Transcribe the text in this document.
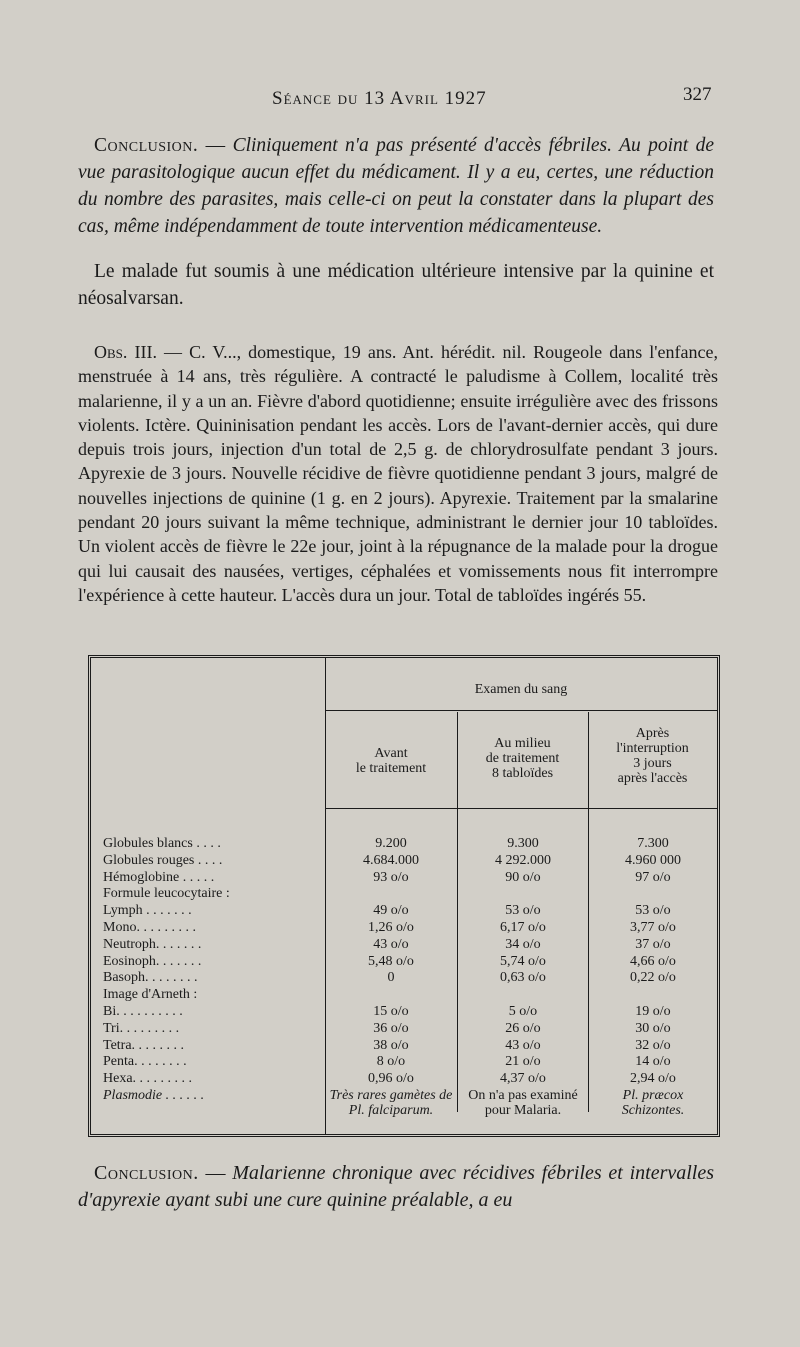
Séance du 13 Avril 1927	327

Conclusion. — Cliniquement n'a pas présenté d'accès fébriles. Au point de vue parasitologique aucun effet du médicament. Il y a eu, certes, une réduction du nombre des parasites, mais celle-ci on peut la constater dans la plupart des cas, même indépendamment de toute intervention médicamenteuse.

Le malade fut soumis à une médication ultérieure intensive par la quinine et néosalvarsan.

Obs. III. — C. V..., domestique, 19 ans. Ant. hérédit. nil. Rougeole dans l'enfance, menstruée à 14 ans, très régulière. A contracté le paludisme à Collem, localité très malarienne, il y a un an. Fièvre d'abord quotidienne; ensuite irrégulière avec des frissons violents. Ictère. Quininisation pendant les accès. Lors de l'avant-dernier accès, qui dure depuis trois jours, injection d'un total de 2,5 g. de chlorydrosulfate pendant 3 jours. Apyrexie de 3 jours. Nouvelle récidive de fièvre quotidienne pendant 3 jours, malgré de nouvelles injections de quinine (1 g. en 2 jours). Apyrexie. Traitement par la smalarine pendant 20 jours suivant la même technique, administrant le dernier jour 10 tabloïdes. Un violent accès de fièvre le 22e jour, joint à la répugnance de la malade pour la drogue qui lui causait des nausées, vertiges, céphalées et vomissements nous fit interrompre l'expérience à cette hauteur. L'accès dura un jour. Total de tabloïdes ingérés 55.

Examen du sang
Avant
le traitement
Au milieu
de traitement
8 tabloïdes
Après
l'interruption
3 jours
après l'accès
Globules blancs . . . .
Globules rouges . . . .
Hémoglobine . . . . .
Formule leucocytaire :
Lymph . . . . . . .
Mono. . . . . . . . .
Neutroph. . . . . . .
Eosinoph. . . . . . .
Basoph. . . . . . . .
Image d'Arneth :
Bi. . . . . . . . . .
Tri. . . . . . . . .
Tetra. . . . . . . .
Penta. . . . . . . .
Hexa. . . . . . . . .
Plasmodie . . . . . .
9.200
4.684.000
93 o/o

49 o/o
1,26 o/o
43 o/o
5,48 o/o
0

15 o/o
36 o/o
38 o/o
8 o/o
0,96 o/o
Très rares gamètes de Pl. falciparum.
9.300
4 292.000
90 o/o

53 o/o
6,17 o/o
34 o/o
5,74 o/o
0,63 o/o

5 o/o
26 o/o
43 o/o
21 o/o
4,37 o/o
On n'a pas examiné pour Malaria.
7.300
4.960 000
97 o/o

53 o/o
3,77 o/o
37 o/o
4,66 o/o
0,22 o/o

19 o/o
30 o/o
32 o/o
14 o/o
2,94 o/o
Pl. præcox Schizontes.

Conclusion. — Malarienne chronique avec récidives fébriles et intervalles d'apyrexie ayant subi une cure quinine préalable, a eu
